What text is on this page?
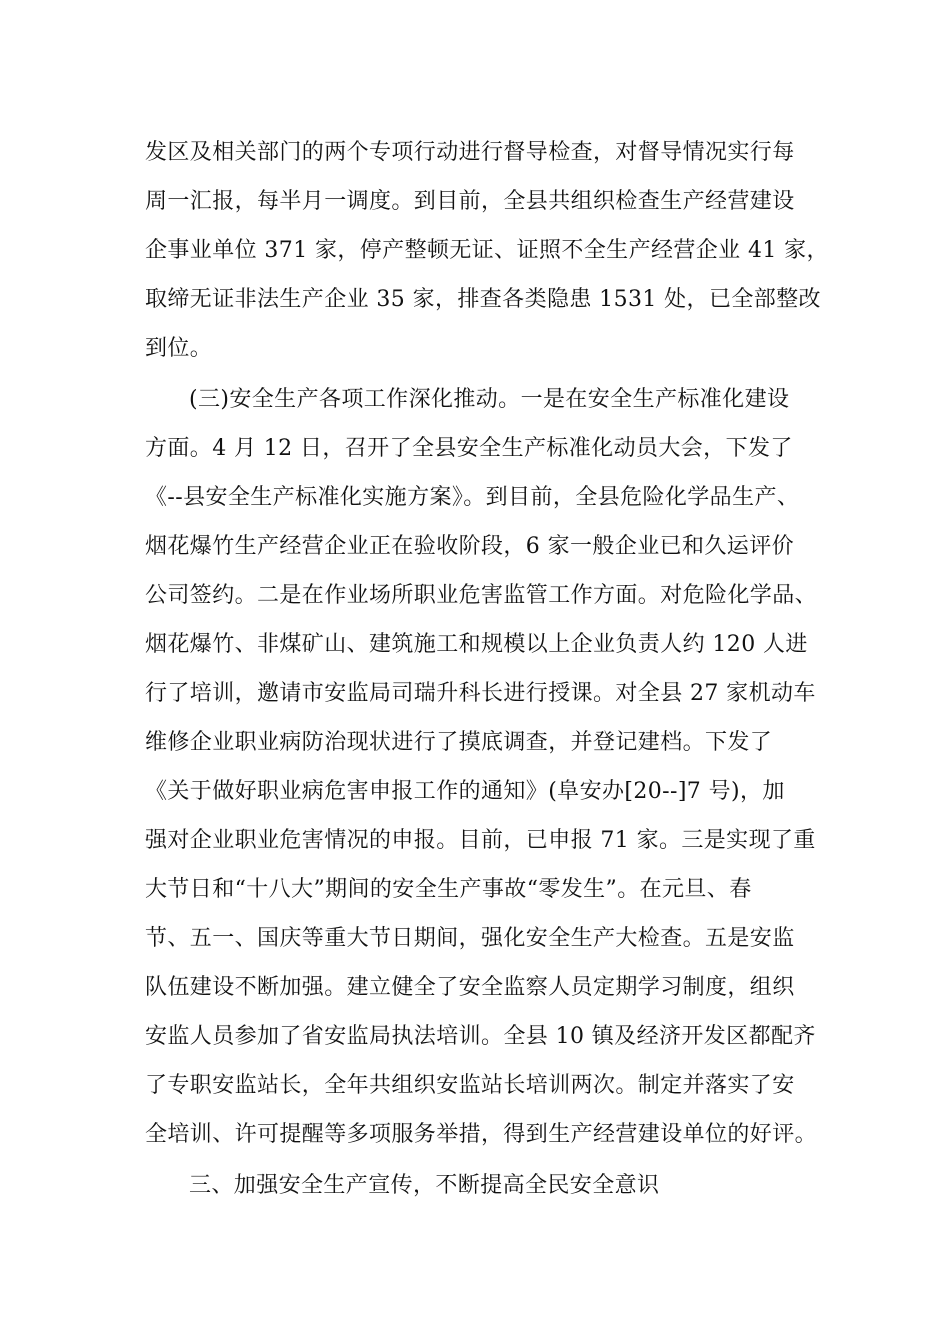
发区及相关部门的两个专项行动进行督导检查，对督导情况实行每
周一汇报，每半月一调度。到目前，全县共组织检查生产经营建设
企事业单位 371 家，停产整顿无证、证照不全生产经营企业 41 家，
取缔无证非法生产企业 35 家，排查各类隐患 1531 处，已全部整改
到位。
(三)安全生产各项工作深化推动。一是在安全生产标准化建设
方面。4 月 12 日，召开了全县安全生产标准化动员大会，下发了
《--县安全生产标准化实施方案》。到目前，全县危险化学品生产、
烟花爆竹生产经营企业正在验收阶段，6 家一般企业已和久运评价
公司签约。二是在作业场所职业危害监管工作方面。对危险化学品、
烟花爆竹、非煤矿山、建筑施工和规模以上企业负责人约 120 人进
行了培训，邀请市安监局司瑞升科长进行授课。对全县 27 家机动车
维修企业职业病防治现状进行了摸底调查，并登记建档。下发了
《关于做好职业病危害申报工作的通知》(阜安办[20--]7 号)，加
强对企业职业危害情况的申报。目前，已申报 71 家。三是实现了重
大节日和“十八大”期间的安全生产事故“零发生”。在元旦、春
节、五一、国庆等重大节日期间，强化安全生产大检查。五是安监
队伍建设不断加强。建立健全了安全监察人员定期学习制度，组织
安监人员参加了省安监局执法培训。全县 10 镇及经济开发区都配齐
了专职安监站长，全年共组织安监站长培训两次。制定并落实了安
全培训、许可提醒等多项服务举措，得到生产经营建设单位的好评。
三、加强安全生产宣传，不断提高全民安全意识
